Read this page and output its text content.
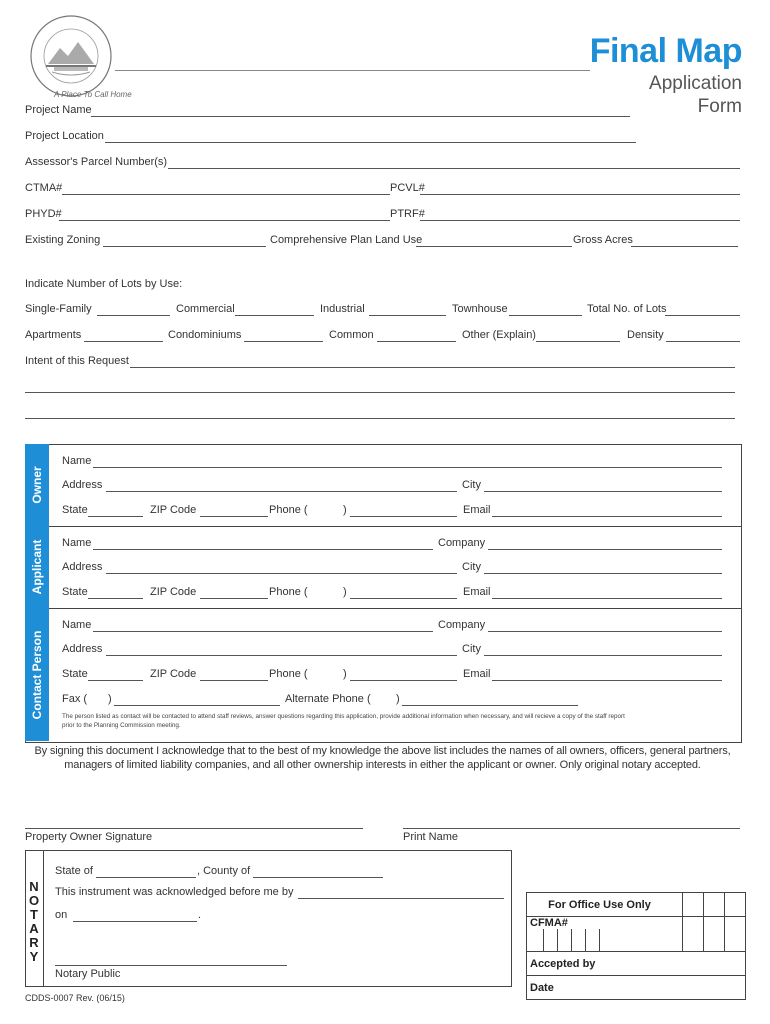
A Place To Call Home
Final Map
Application
Form
Project Name
Project Location
Assessor's Parcel Number(s)
CTMA#	PCVL#
PHYD#	PTRF#
Existing Zoning	Comprehensive Plan Land Use	Gross Acres
Indicate Number of Lots by Use:
Single-Family	Commercial	Industrial	Townhouse	Total No. of Lots
Apartments	Condominiums	Common	Other (Explain)	Density
Intent of this Request
Owner
Name
Address	City
State	ZIP Code	Phone (	)	Email
Applicant Name	Company
Address	City
State	ZIP Code	Phone (	)	Email
Contact Person
Name	Company
Address	City
State	ZIP Code	Phone (	)	Email
Fax ( )	Alternate Phone ( )
The person listed as contact will be contacted to attend staff reviews, answer questions regarding this application, provide additional information when necessary, and will recieve a copy of the staff report
prior to the Planning Commission meeting.
By signing this document I acknowledge that to the best of my knowledge the above list includes the names of all owners, officers, general partners,
managers of limited liability companies, and all other ownership interests in either the applicant or owner. Only original notary accepted.
Property Owner Signature	Print Name
N
O
T
A
R
Y
State of	, County of
This instrument was acknowledged before me by
on	.
Notary Public
For Office Use Only				
CFMA#				
Accepted by				
Date				
CDDS-0007 Rev. (06/15)
